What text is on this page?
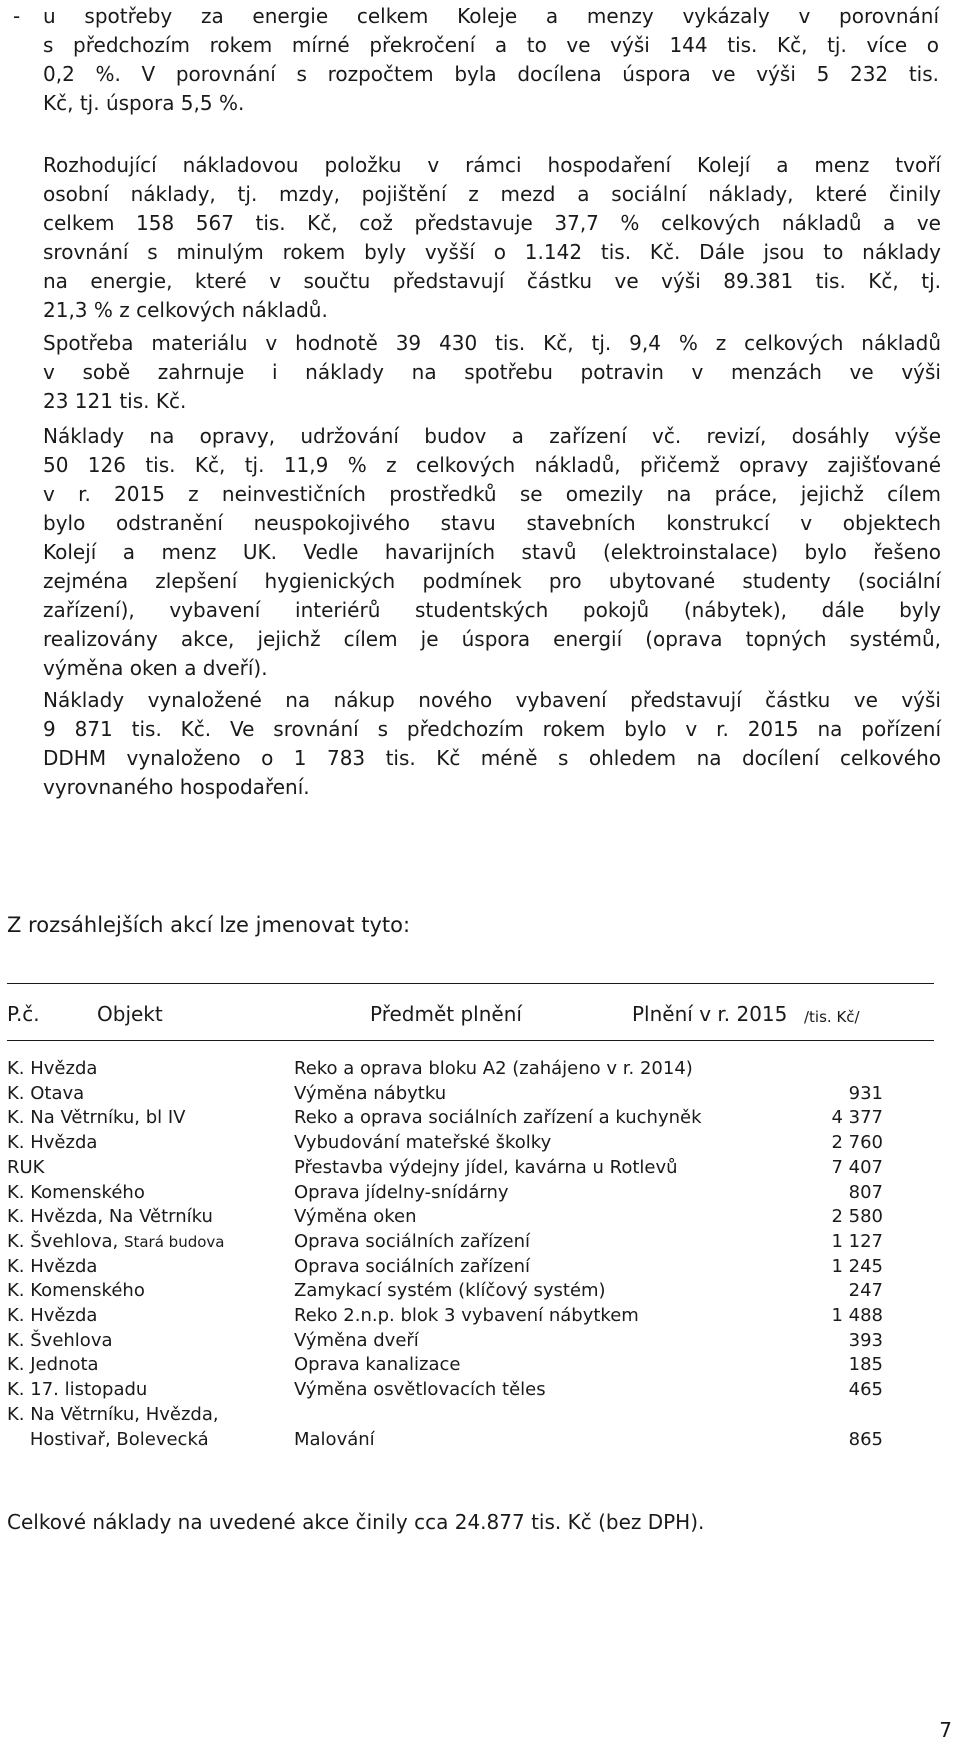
- u spotřeby za energie celkem Koleje a menzy vykázaly v porovnání
s předchozím rokem mírné překročení a to ve výši 144 tis. Kč, tj. více o
0,2 %. V porovnání s rozpočtem byla docílena úspora ve výši 5 232 tis.
Kč, tj. úspora 5,5 %.
Rozhodující nákladovou položku v rámci hospodaření Kolejí a menz tvoří
osobní náklady, tj. mzdy, pojištění z mezd a sociální náklady, které činily
celkem 158 567 tis. Kč, což představuje 37,7 % celkových nákladů a ve
srovnání s minulým rokem byly vyšší o 1.142 tis. Kč. Dále jsou to náklady
na energie, které v součtu představují částku ve výši 89.381 tis. Kč, tj.
21,3 % z celkových nákladů.
Spotřeba materiálu v hodnotě 39 430 tis. Kč, tj. 9,4 % z celkových nákladů
v sobě zahrnuje i náklady na spotřebu potravin v menzách ve výši
23 121 tis. Kč.
Náklady na opravy, udržování budov a zařízení vč. revizí, dosáhly výše
50 126 tis. Kč, tj. 11,9 % z celkových nákladů, přičemž opravy zajišťované
v r. 2015 z neinvestičních prostředků se omezily na práce, jejichž cílem
bylo odstranění neuspokojivého stavu stavebních konstrukcí v objektech
Kolejí a menz UK. Vedle havarijních stavů (elektroinstalace) bylo řešeno
zejména zlepšení hygienických podmínek pro ubytované studenty (sociální
zařízení), vybavení interiérů studentských pokojů (nábytek), dále byly
realizovány akce, jejichž cílem je úspora energií (oprava topných systémů,
výměna oken a dveří).
Náklady vynaložené na nákup nového vybavení představují částku ve výši
9 871 tis. Kč. Ve srovnání s předchozím rokem bylo v r. 2015 na pořízení
DDHM vynaloženo o 1 783 tis. Kč méně s ohledem na docílení celkového
vyrovnaného hospodaření.
Z rozsáhlejších akcí lze jmenovat tyto:
P.č.	Objekt	Předmět plnění	Plnění v r. 2015 /tis. Kč/
K. Hvězda	Reko a oprava bloku A2 (zahájeno v r. 2014)
K. Otava	Výměna nábytku	931
K. Na Větrníku, bl IV	Reko a oprava sociálních zařízení a kuchyněk	4 377
K. Hvězda	Vybudování mateřské školky	2 760
RUK	Přestavba výdejny jídel, kavárna u Rotlevů	7 407
K. Komenského	Oprava jídelny-snídárny	807
K. Hvězda, Na Větrníku	Výměna oken	2 580
K. Švehlova, Stará budova	Oprava sociálních zařízení	1 127
K. Hvězda	Oprava sociálních zařízení	1 245
K. Komenského	Zamykací systém (klíčový systém)	247
K. Hvězda	Reko 2.n.p. blok 3 vybavení nábytkem	1 488
K. Švehlova	Výměna dveří	393
K. Jednota	Oprava kanalizace	185
K. 17. listopadu	Výměna osvětlovacích těles	465
K. Na Větrníku, Hvězda,
Hostivař, Bolevecká	Malování	865
Celkové náklady na uvedené akce činily cca 24.877 tis. Kč (bez DPH).
7
